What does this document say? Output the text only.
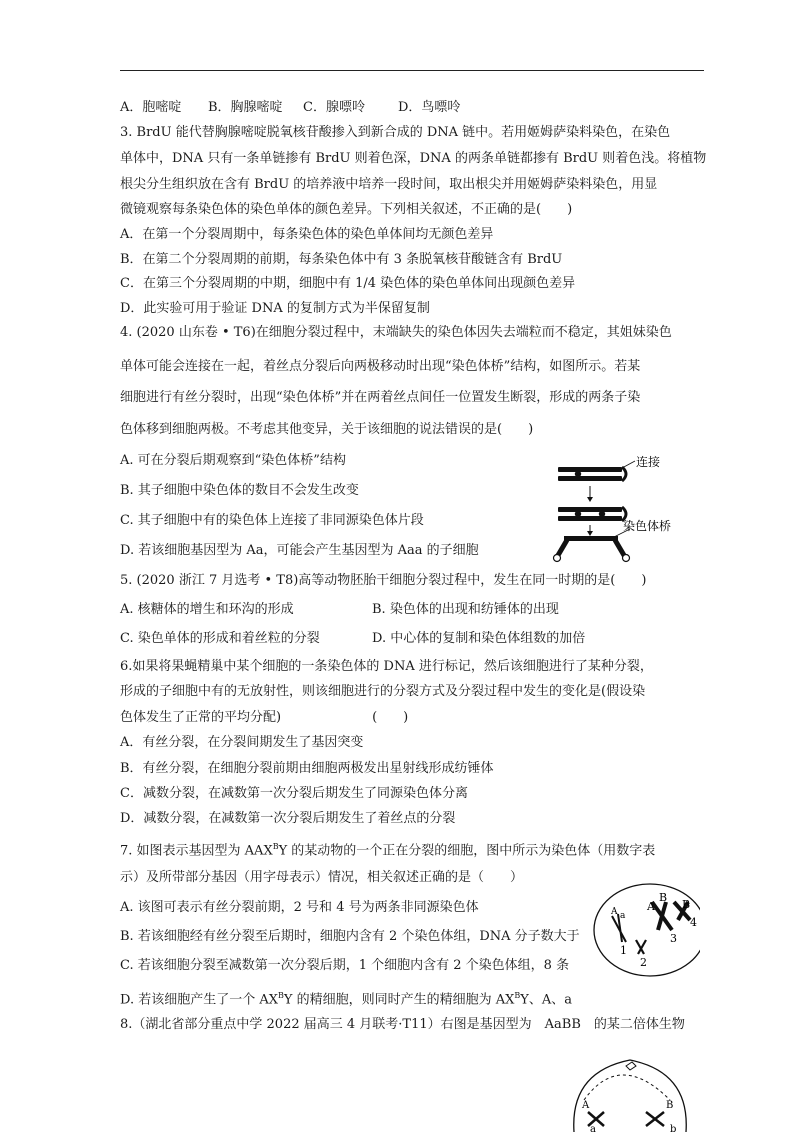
A．胞嘧啶	B．胸腺嘧啶 C．腺嘌呤	D．鸟嘌呤
3. BrdU 能代替胸腺嘧啶脱氧核苷酸掺入到新合成的 DNA 链中。若用姬姆萨染料染色，在染色
单体中，DNA 只有一条单链掺有 BrdU 则着色深，DNA 的两条单链都掺有 BrdU 则着色浅。将植物
根尖分生组织放在含有 BrdU 的培养液中培养一段时间，取出根尖并用姬姆萨染料染色，用显
微镜观察每条染色体的染色单体的颜色差异。下列相关叙述，不正确的是(　　)
A．在第一个分裂周期中，每条染色体的染色单体间均无颜色差异
B．在第二个分裂周期的前期，每条染色体中有 3 条脱氧核苷酸链含有 BrdU
C．在第三个分裂周期的中期，细胞中有 1/4 染色体的染色单体间出现颜色差异
D．此实验可用于验证 DNA 的复制方式为半保留复制
4. (2020 山东卷 • T6)在细胞分裂过程中，末端缺失的染色体因失去端粒而不稳定，其姐妹染色
单体可能会连接在一起，着丝点分裂后向两极移动时出现“染色体桥”结构，如图所示。若某
细胞进行有丝分裂时，出现“染色体桥”并在两着丝点间任一位置发生断裂，形成的两条子染
色体移到细胞两极。不考虑其他变异，关于该细胞的说法错误的是(　　)
A. 可在分裂后期观察到“染色体桥”结构
B. 其子细胞中染色体的数目不会发生改变
C. 其子细胞中有的染色体上连接了非同源染色体片段
D. 若该细胞基因型为 Aa，可能会产生基因型为 Aaa 的子细胞
连接
染色体桥
5. (2020 浙江 7 月选考 • T8)高等动物胚胎干细胞分裂过程中，发生在同一时期的是(　　)
A. 核糖体的增生和环沟的形成	B. 染色体的出现和纺锤体的出现
C. 染色单体的形成和着丝粒的分裂	D. 中心体的复制和染色体组数的加倍
6.如果将果蝇精巢中某个细胞的一条染色体的 DNA 进行标记，然后该细胞进行了某种分裂，
形成的子细胞中有的无放射性，则该细胞进行的分裂方式及分裂过程中发生的变化是(假设染
色体发生了正常的平均分配)　　　　　　　(　　)
A．有丝分裂，在分裂间期发生了基因突变
B．有丝分裂，在细胞分裂前期由细胞两极发出星射线形成纺锤体
C．减数分裂，在减数第一次分裂后期发生了同源染色体分离
D．减数分裂，在减数第一次分裂后期发生了着丝点的分裂
7. 如图表示基因型为 $AAX^BY$ 的某动物的一个正在分裂的细胞，图中所示为染色体（用数字表
示）及所带部分基因（用字母表示）情况，相关叙述正确的是（　　）
A. 该图可表示有丝分裂前期，2 号和 4 号为两条非同源染色体
B. 若该细胞经有丝分裂至后期时，细胞内含有 2 个染色体组，DNA 分子数大于
C. 若该细胞分裂至减数第一次分裂后期，1 个细胞内含有 2 个染色体组，8 条
D. 若该细胞产生了一个 $AX^BY$ 的精细胞，则同时产生的精细胞为 $AX^BY$、A、a
A a
A
B
B
4
3
1
2
8.（湖北省部分重点中学 2022 届高三 4 月联考·T11）右图是基因型为　AaBB　的某二倍体生物
A
a
B
b
